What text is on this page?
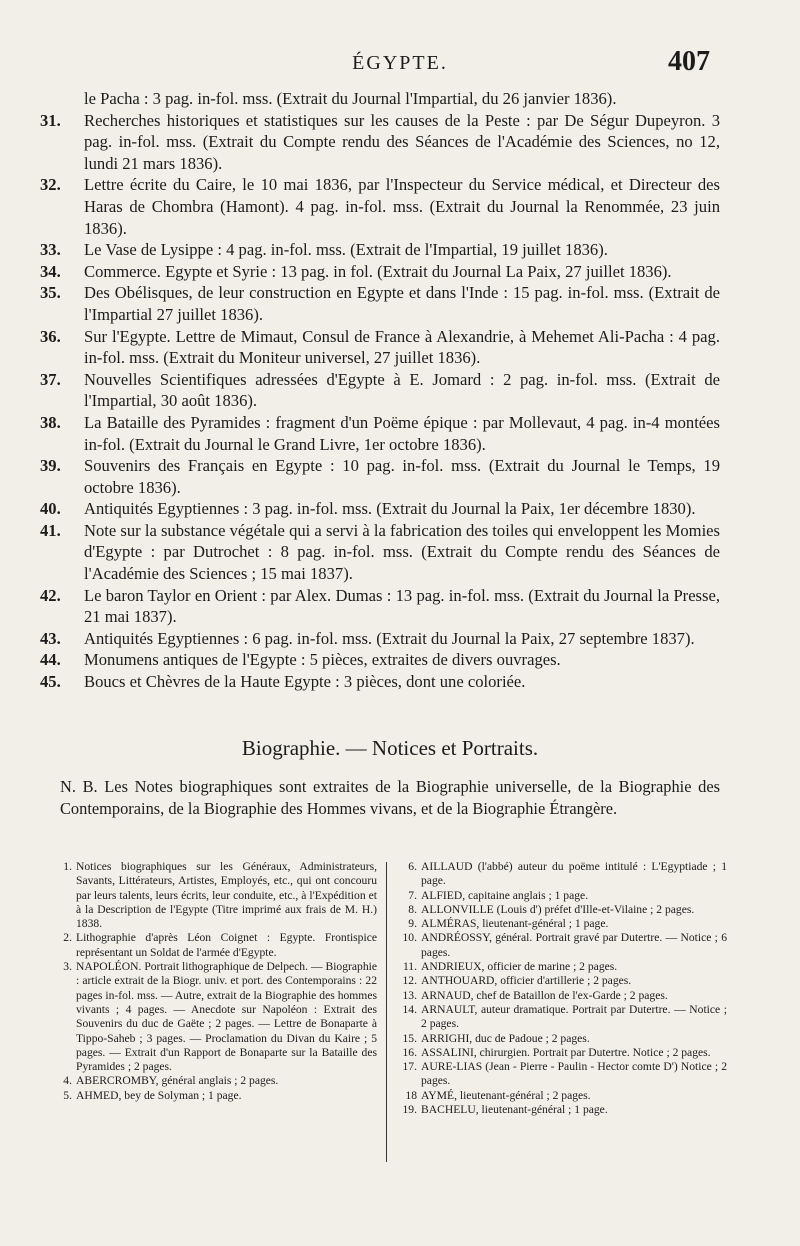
ÉGYPTE.	407
le Pacha : 3 pag. in-fol. mss. (Extrait du Journal l'Impartial, du 26 janvier 1836).
31.	Recherches historiques et statistiques sur les causes de la Peste : par De Ségur Dupeyron. 3 pag. in-fol. mss. (Extrait du Compte rendu des Séances de l'Académie des Sciences, no 12, lundi 21 mars 1836).
32.	Lettre écrite du Caire, le 10 mai 1836, par l'Inspecteur du Service médical, et Directeur des Haras de Chombra (Hamont). 4 pag. in-fol. mss. (Extrait du Journal la Renommée, 23 juin 1836).
33.	Le Vase de Lysippe : 4 pag. in-fol. mss. (Extrait de l'Impartial, 19 juillet 1836).
34.	Commerce. Egypte et Syrie : 13 pag. in fol. (Extrait du Journal La Paix, 27 juillet 1836).
35.	Des Obélisques, de leur construction en Egypte et dans l'Inde : 15 pag. in-fol. mss. (Extrait de l'Impartial 27 juillet 1836).
36.	Sur l'Egypte. Lettre de Mimaut, Consul de France à Alexandrie, à Mehemet Ali-Pacha : 4 pag. in-fol. mss. (Extrait du Moniteur universel, 27 juillet 1836).
37.	Nouvelles Scientifiques adressées d'Egypte à E. Jomard : 2 pag. in-fol. mss. (Extrait de l'Impartial, 30 août 1836).
38.	La Bataille des Pyramides : fragment d'un Poëme épique : par Mollevaut, 4 pag. in-4 montées in-fol. (Extrait du Journal le Grand Livre, 1er octobre 1836).
39.	Souvenirs des Français en Egypte : 10 pag. in-fol. mss. (Extrait du Journal le Temps, 19 octobre 1836).
40.	Antiquités Egyptiennes : 3 pag. in-fol. mss. (Extrait du Journal la Paix, 1er décembre 1830).
41.	Note sur la substance végétale qui a servi à la fabrication des toiles qui enveloppent les Momies d'Egypte : par Dutrochet : 8 pag. in-fol. mss. (Extrait du Compte rendu des Séances de l'Académie des Sciences ; 15 mai 1837).
42.	Le baron Taylor en Orient : par Alex. Dumas : 13 pag. in-fol. mss. (Extrait du Journal la Presse, 21 mai 1837).
43.	Antiquités Egyptiennes : 6 pag. in-fol. mss. (Extrait du Journal la Paix, 27 septembre 1837).
44.	Monumens antiques de l'Egypte : 5 pièces, extraites de divers ouvrages.
45.	Boucs et Chèvres de la Haute Egypte : 3 pièces, dont une coloriée.
Biographie. — Notices et Portraits.
N. B. Les Notes biographiques sont extraites de la Biographie universelle, de la Biographie des Contemporains, de la Biographie des Hommes vivans, et de la Biographie Étrangère.
1. Notices biographiques sur les Généraux, Administrateurs, Savants, Littérateurs, Artistes, Employés, etc., qui ont concouru par leurs talents, leurs écrits, leur conduite, etc., à l'Expédition et à la Description de l'Egypte (Titre imprimé aux frais de M. H.) 1838.
2. Lithographie d'après Léon Coignet : Egypte. Frontispice représentant un Soldat de l'armée d'Egypte.
3. NAPOLÉON. Portrait lithographique de Delpech. — Biographie : article extrait de la Biogr. univ. et port. des Contemporains : 22 pages in-fol. mss. — Autre, extrait de la Biographie des hommes vivants ; 4 pages. — Anecdote sur Napoléon : Extrait des Souvenirs du duc de Gaëte ; 2 pages. — Lettre de Bonaparte à Tippo-Saheb ; 3 pages. — Proclamation du Divan du Kaire ; 5 pages. — Extrait d'un Rapport de Bonaparte sur la Bataille des Pyramides ; 2 pages.
4. ABERCROMBY, général anglais ; 2 pages.
5. AHMED, bey de Solyman ; 1 page.
6. AILLAUD (l'abbé) auteur du poëme intitulé : L'Egyptiade ; 1 page.
7. ALFIED, capitaine anglais ; 1 page.
8. ALLONVILLE (Louis d') préfet d'Ille-et-Vilaine ; 2 pages.
9. ALMÉRAS, lieutenant-général ; 1 page.
10. ANDRÉOSSY, général. Portrait gravé par Dutertre. — Notice ; 6 pages.
11. ANDRIEUX, officier de marine ; 2 pages.
12. ANTHOUARD, officier d'artillerie ; 2 pages.
13. ARNAUD, chef de Bataillon de l'ex-Garde ; 2 pages.
14. ARNAULT, auteur dramatique. Portrait par Dutertre. — Notice ; 2 pages.
15. ARRIGHI, duc de Padoue ; 2 pages.
16. ASSALINI, chirurgien. Portrait par Dutertre. Notice ; 2 pages.
17. AURE-LIAS (Jean - Pierre - Paulin - Hector comte D') Notice ; 2 pages.
18 AYMÉ, lieutenant-général ; 2 pages.
19. BACHELU, lieutenant-général ; 1 page.
